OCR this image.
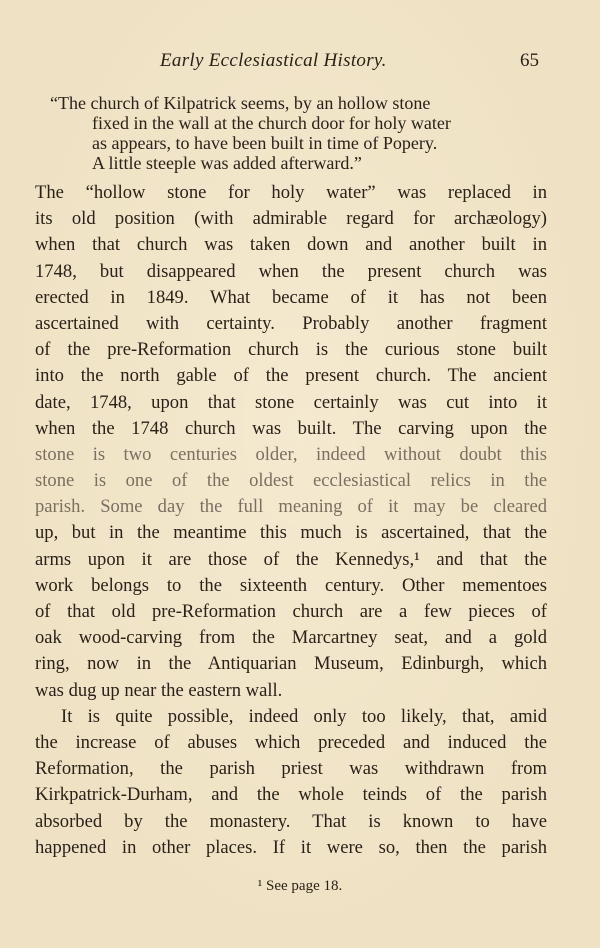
Early Ecclesiastical History.	65
“The church of Kilpatrick seems, by an hollow stone
fixed in the wall at the church door for holy water
as appears, to have been built in time of Popery.
A little steeple was added afterward.”
The “hollow stone for holy water” was replaced in
its old position (with admirable regard for archæology)
when that church was taken down and another built in
1748, but disappeared when the present church was
erected in 1849. What became of it has not been
ascertained with certainty. Probably another fragment
of the pre-Reformation church is the curious stone built
into the north gable of the present church. The ancient
date, 1748, upon that stone certainly was cut into it
when the 1748 church was built. The carving upon the
stone is two centuries older, indeed without doubt this
stone is one of the oldest ecclesiastical relics in the
parish. Some day the full meaning of it may be cleared
up, but in the meantime this much is ascertained, that the
arms upon it are those of the Kennedys,¹ and that the
work belongs to the sixteenth century. Other mementoes
of that old pre-Reformation church are a few pieces of
oak wood-carving from the Marcartney seat, and a gold
ring, now in the Antiquarian Museum, Edinburgh, which
was dug up near the eastern wall.
It is quite possible, indeed only too likely, that, amid
the increase of abuses which preceded and induced the
Reformation, the parish priest was withdrawn from
Kirkpatrick-Durham, and the whole teinds of the parish
absorbed by the monastery. That is known to have
happened in other places. If it were so, then the parish
¹ See page 18.
